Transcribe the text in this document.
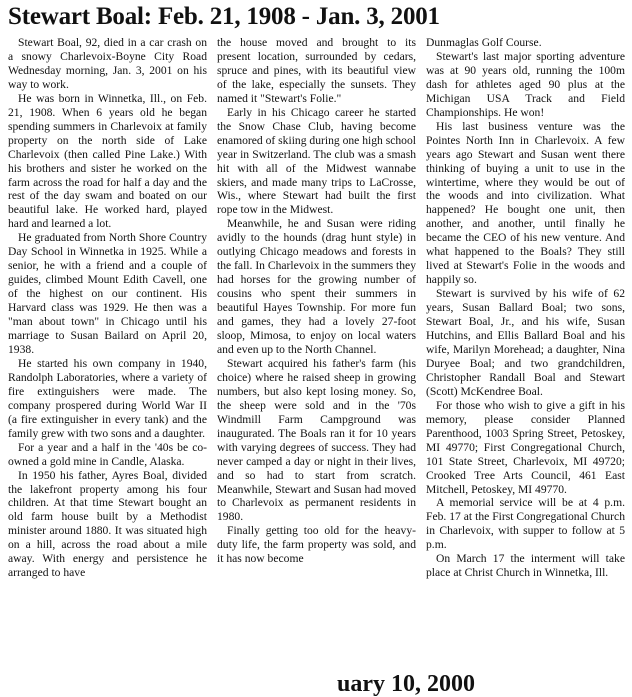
Stewart Boal: Feb. 21, 1908 - Jan. 3, 2001

Stewart Boal, 92, died in a car crash on a snowy Charlevoix-Boyne City Road Wednesday morning, Jan. 3, 2001 on his way to work.

He was born in Winnetka, Ill., on Feb. 21, 1908. When 6 years old he began spending summers in Charlevoix at family property on the north side of Lake Charlevoix (then called Pine Lake.) With his brothers and sister he worked on the farm across the road for half a day and the rest of the day swam and boated on our beautiful lake. He worked hard, played hard and learned a lot.

He graduated from North Shore Country Day School in Winnetka in 1925. While a senior, he with a friend and a couple of guides, climbed Mount Edith Cavell, one of the highest on our continent. His Harvard class was 1929. He then was a "man about town" in Chicago until his marriage to Susan Bailard on April 20, 1938.

He started his own company in 1940, Randolph Laboratories, where a variety of fire extinguishers were made. The company prospered during World War II (a fire extinguisher in every tank) and the family grew with two sons and a daughter.

For a year and a half in the '40s be co-owned a gold mine in Candle, Alaska.

In 1950 his father, Ayres Boal, divided the lakefront property among his four children. At that time Stewart bought an old farm house built by a Methodist minister around 1880. It was situated high on a hill, across the road about a mile away. With energy and persistence he arranged to have

the house moved and brought to its present location, surrounded by cedars, spruce and pines, with its beautiful view of the lake, especially the sunsets. They named it "Stewart's Folie."

Early in his Chicago career he started the Snow Chase Club, having become enamored of skiing during one high school year in Switzerland. The club was a smash hit with all of the Midwest wannabe skiers, and made many trips to LaCrosse, Wis., where Stewart had built the first rope tow in the Midwest.

Meanwhile, he and Susan were riding avidly to the hounds (drag hunt style) in outlying Chicago meadows and forests in the fall. In Charlevoix in the summers they had horses for the growing number of cousins who spent their summers in beautiful Hayes Township. For more fun and games, they had a lovely 27-foot sloop, Mimosa, to enjoy on local waters and even up to the North Channel.

Stewart acquired his father's farm (his choice) where he raised sheep in growing numbers, but also kept losing money. So, the sheep were sold and in the '70s Windmill Farm Campground was inaugurated. The Boals ran it for 10 years with varying degrees of success. They had never camped a day or night in their lives, and so had to start from scratch. Meanwhile, Stewart and Susan had moved to Charlevoix as permanent residents in 1980.

Finally getting too old for the heavy-duty life, the farm property was sold, and it has now become

Dunmaglas Golf Course.

Stewart's last major sporting adventure was at 90 years old, running the 100m dash for athletes aged 90 plus at the Michigan USA Track and Field Championships. He won!

His last business venture was the Pointes North Inn in Charlevoix. A few years ago Stewart and Susan went there thinking of buying a unit to use in the wintertime, where they would be out of the woods and into civilization. What happened? He bought one unit, then another, and another, until finally he became the CEO of his new venture. And what happened to the Boals? They still lived at Stewart's Folie in the woods and happily so.

Stewart is survived by his wife of 62 years, Susan Ballard Boal; two sons, Stewart Boal, Jr., and his wife, Susan Hutchins, and Ellis Ballard Boal and his wife, Marilyn Morehead; a daughter, Nina Duryee Boal; and two grandchildren, Christopher Randall Boal and Stewart (Scott) McKendree Boal.

For those who wish to give a gift in his memory, please consider Planned Parenthood, 1003 Spring Street, Petoskey, MI 49770; First Congregational Church, 101 State Street, Charlevoix, MI 49720; Crooked Tree Arts Council, 461 East Mitchell, Petoskey, MI 49770.

A memorial service will be at 4 p.m. Feb. 17 at the First Congregational Church in Charlevoix, with supper to follow at 5 p.m.

On March 17 the interment will take place at Christ Church in Winnetka, Ill.

uary 10, 2000
